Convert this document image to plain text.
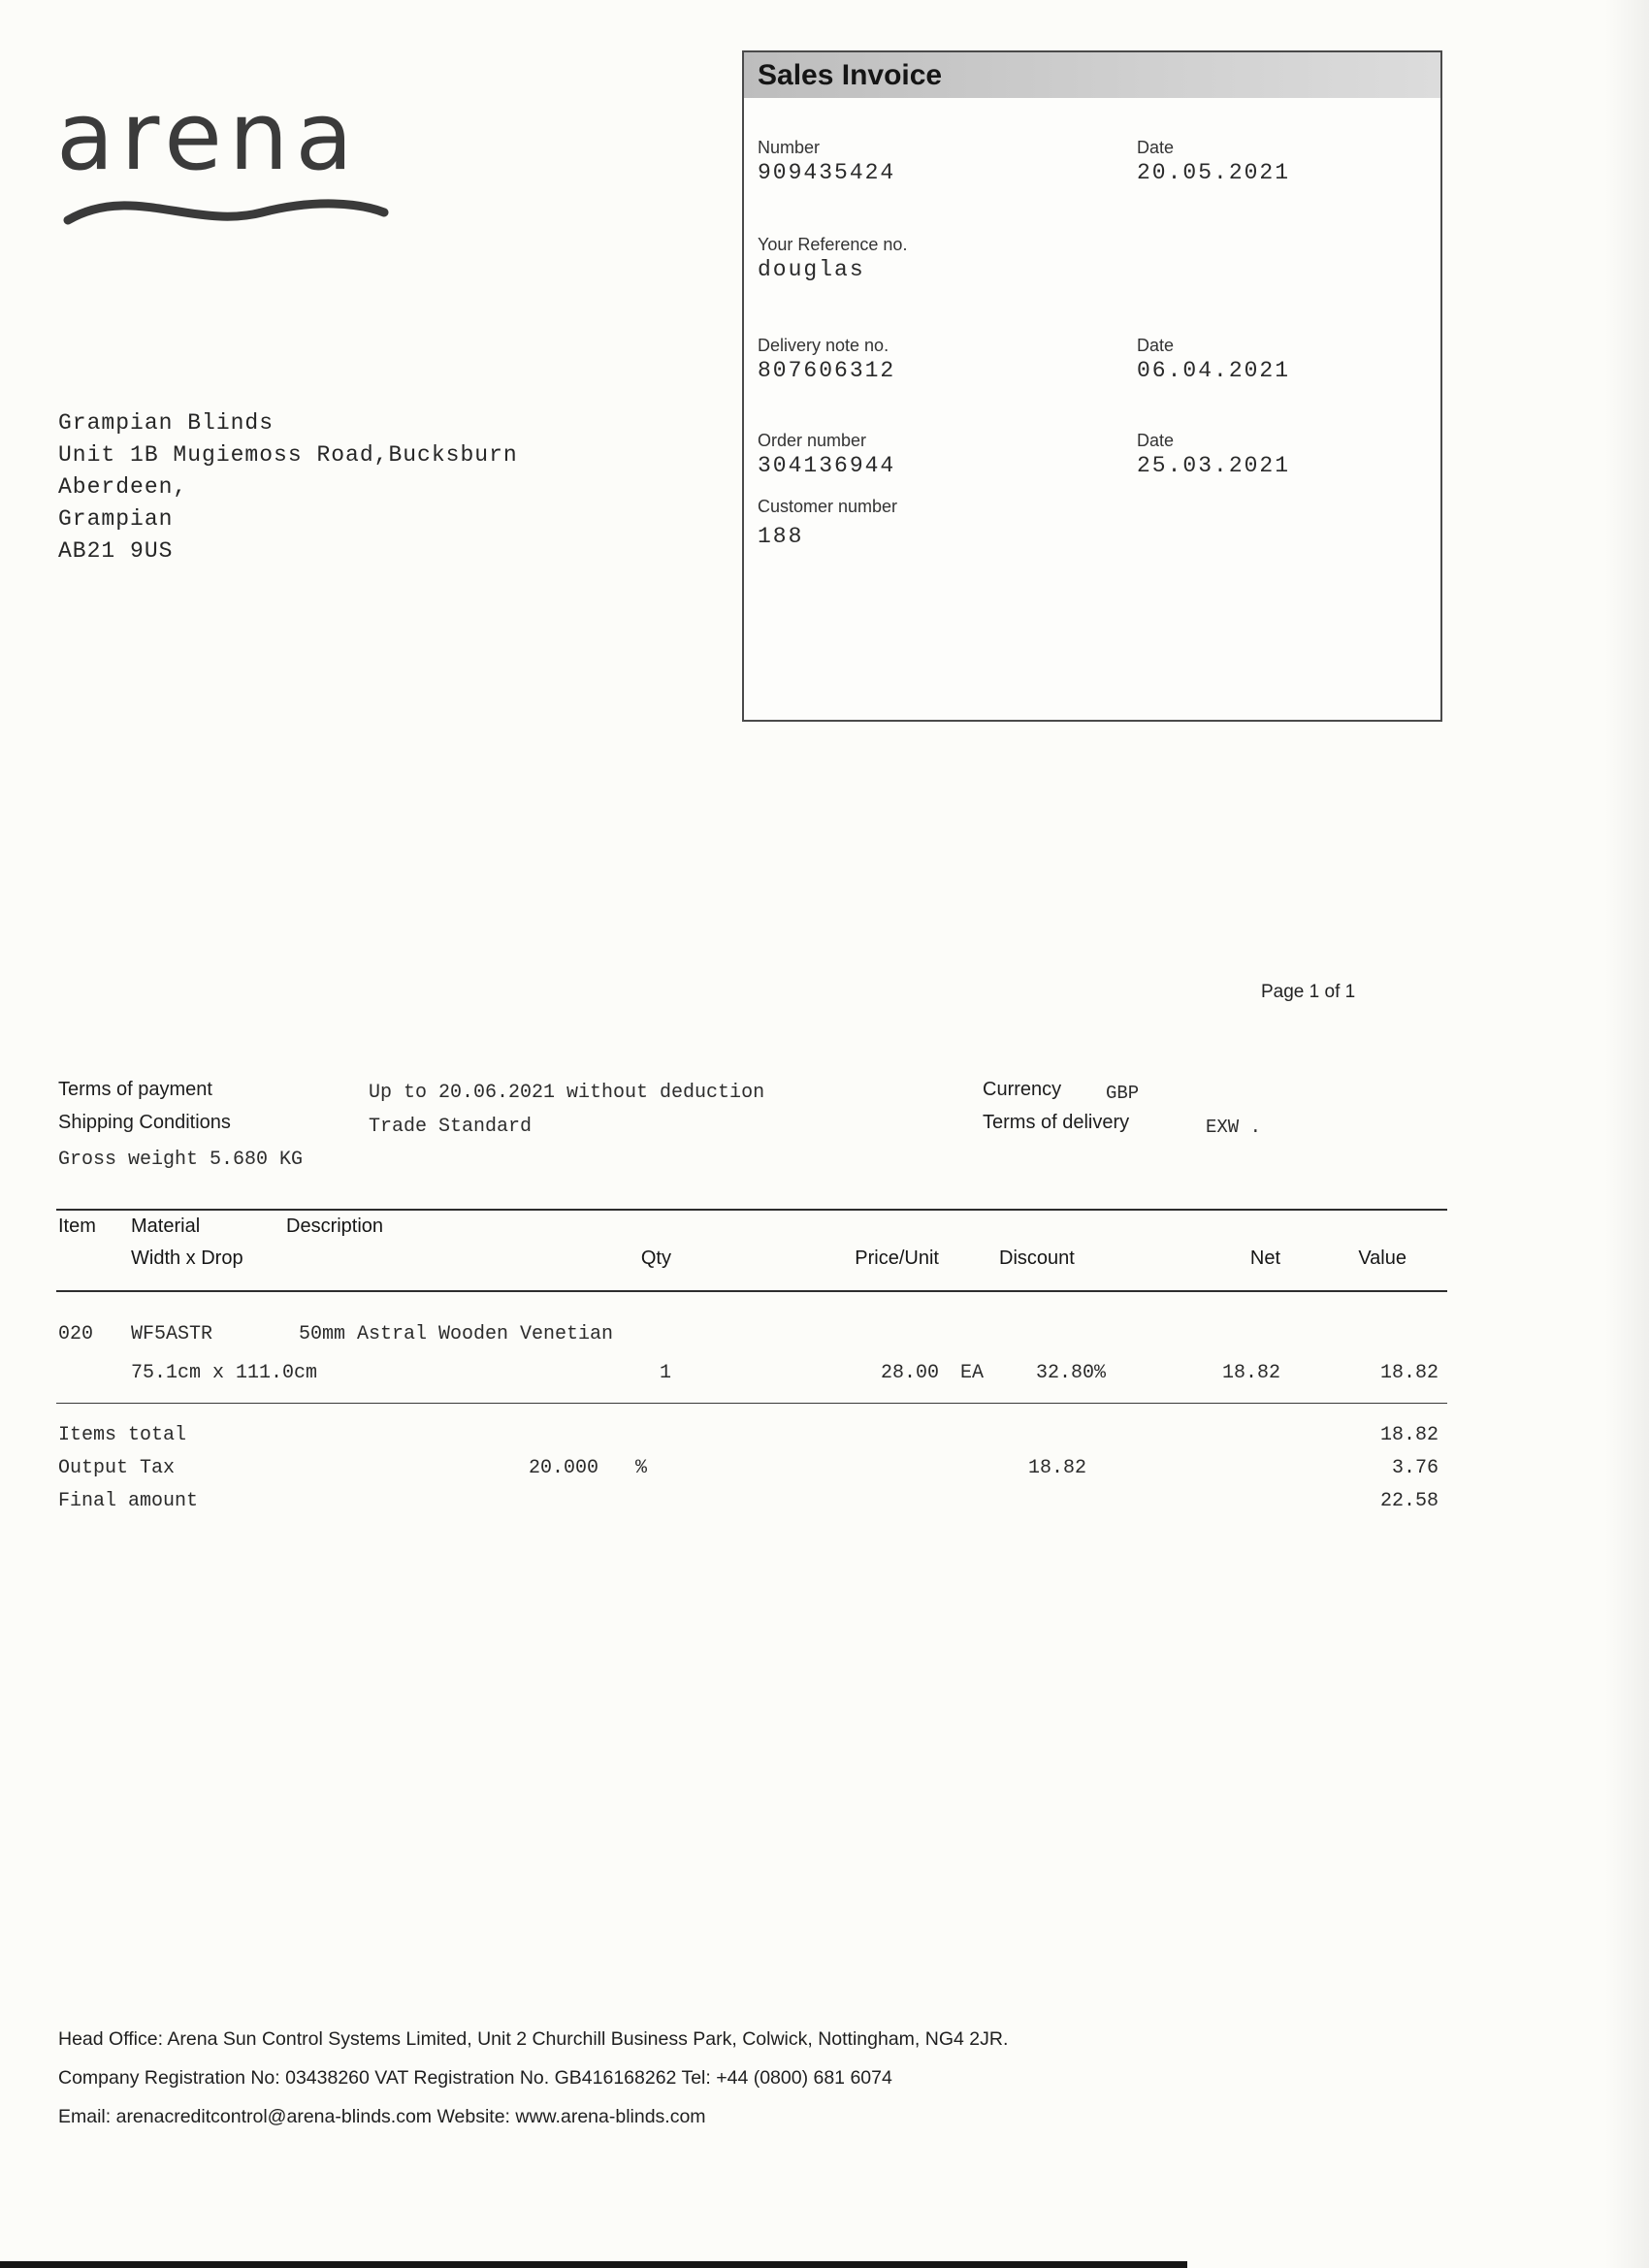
arena
Grampian Blinds
Unit 1B Mugiemoss Road,Bucksburn
Aberdeen,
Grampian
AB21 9US
Sales Invoice
Number
909435424
Date
20.05.2021
Your Reference no.
douglas
Delivery note no.
807606312
Date
06.04.2021
Order number
304136944
Date
25.03.2021
Customer number
188
Page 1 of 1
Terms of payment	Up to 20.06.2021 without deduction
Shipping Conditions	Trade Standard
Gross weight 5.680 KG
Currency GBP
Terms of delivery	EXW .
Item Material	Description
Width x Drop	Qty	Price/Unit	Discount	Net	Value
020 WF5ASTR	50mm Astral Wooden Venetian
75.1cm x 111.0cm	1	28.00 EA	32.80%	18.82	18.82
Items total	18.82
Output Tax	20.000 %	18.82	3.76
Final amount	22.58
Head Office: Arena Sun Control Systems Limited, Unit 2 Churchill Business Park, Colwick, Nottingham, NG4 2JR.
Company Registration No: 03438260 VAT Registration No. GB416168262 Tel: +44 (0800) 681 6074
Email: arenacreditcontrol@arena-blinds.com Website: www.arena-blinds.com
